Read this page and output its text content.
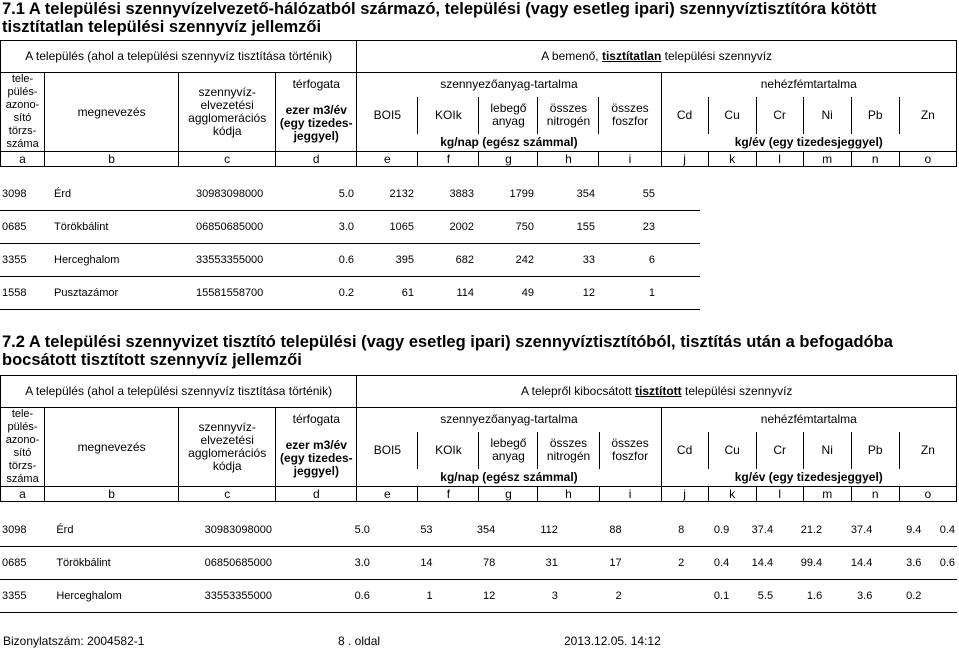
7.1 A települési szennyvízelvezető-hálózatból származó, települési (vagy esetleg ipari) szennyvíztisztítóra kötött
tisztítatlan települési szennyvíz jellemzői
A település (ahol a települési szennyvíz tisztítása történik)				A bemenő, tisztítatlan települési szennyvíz										
tele- pülés- azono- sító törzs- száma	megnevezés	szennyvíz- elvezetési agglomerációs kódja	térfogata	szennyezőanyag-tartalma					nehézfémtartalma					
			ezer m3/év (egy tizedes- jeggyel)	BOI5	KOIk	lebegő anyag	összes nitrogén	összes foszfor	Cd	Cu	Cr	Ni	Pb	Zn
				kg/nap (egész számmal)					kg/év (egy tizedesjeggyel)					
a	b	c	d	e	f	g	h	i	j	k	l	m	n	o
3098	Érd	30983098000	5.0	2132	3883	1799	354	55	
0685	Törökbálint	06850685000	3.0	1065	2002	750	155	23	
3355	Herceghalom	33553355000	0.6	395	682	242	33	6	
1558	Pusztazámor	15581558700	0.2	61	114	49	12	1	
7.2 A települési szennyvizet tisztító települési (vagy esetleg ipari) szennyvíztisztítóból, tisztítás után a befogadóba
bocsátott tisztított szennyvíz jellemzői
A település (ahol a települési szennyvíz tisztítása történik)				A telepről kibocsátott tisztított települési szennyvíz										
tele- pülés- azono- sító törzs- száma	megnevezés	szennyvíz- elvezetési agglomerációs kódja	térfogata	szennyezőanyag-tartalma					nehézfémtartalma					
			ezer m3/év (egy tizedes- jeggyel)	BOI5	KOIk	lebegő anyag	összes nitrogén	összes foszfor	Cd	Cu	Cr	Ni	Pb	Zn
				kg/nap (egész számmal)					kg/év (egy tizedesjeggyel)					
a	b	c	d	e	f	g	h	i	j	k	l	m	n	o
3098	Érd	30983098000	5.0	53	354	112	88	8	0.9	37.4	21.2	37.4	9.4	0.4
0685	Törökbálint	06850685000	3.0	14	78	31	17	2	0.4	14.4	99.4	14.4	3.6	0.6
3355	Herceghalom	33553355000	0.6	1	12	3	2		0.1	5.5	1.6	3.6	0.2	
Bizonylatszám: 2004582-1	8 . oldal	2013.12.05. 14:12
